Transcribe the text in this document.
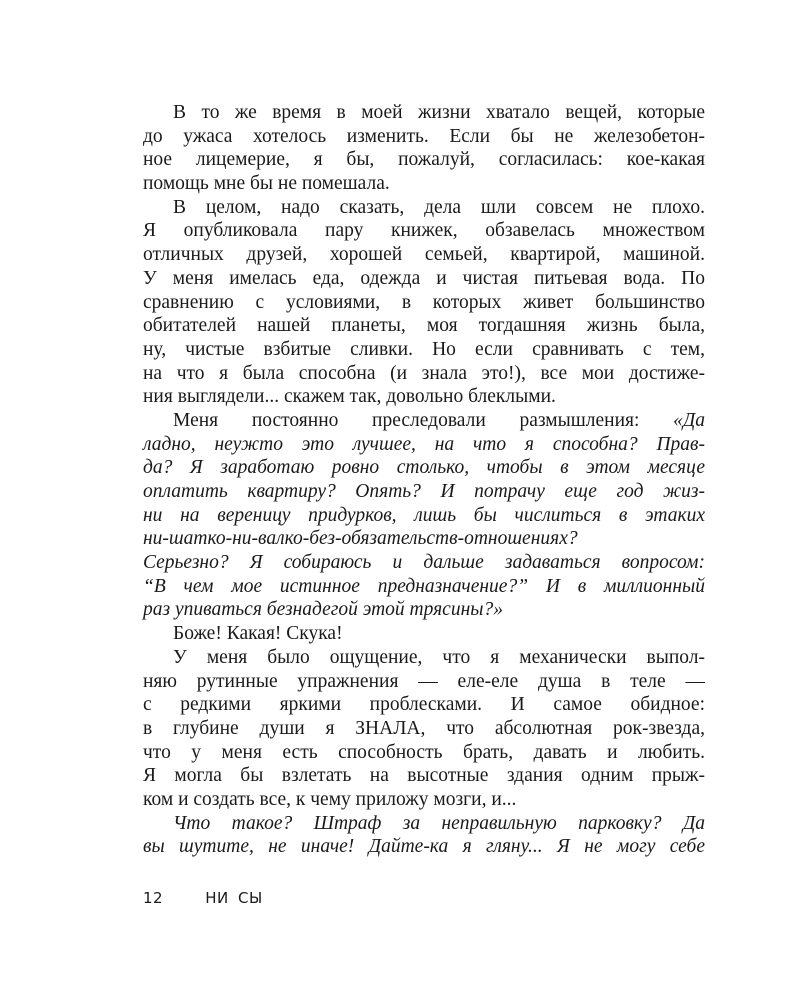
В то же время в моей жизни хватало вещей, которые
до ужаса хотелось изменить. Если бы не железобетон-
ное лицемерие, я бы, пожалуй, согласилась: кое-какая
помощь мне бы не помешала.
В целом, надо сказать, дела шли совсем не плохо.
Я опубликовала пару книжек, обзавелась множеством
отличных друзей, хорошей семьей, квартирой, машиной.
У меня имелась еда, одежда и чистая питьевая вода. По
сравнению с условиями, в которых живет большинство
обитателей нашей планеты, моя тогдашняя жизнь была,
ну, чистые взбитые сливки. Но если сравнивать с тем,
на что я была способна (и знала это!), все мои достиже-
ния выглядели... скажем так, довольно блеклыми.
Меня постоянно преследовали размышления: «Да
ладно, неужто это лучшее, на что я способна? Прав-
да? Я заработаю ровно столько, чтобы в этом месяце
оплатить квартиру? Опять? И потрачу еще год жиз-
ни на вереницу придурков, лишь бы числиться в этаких
ни-шатко-ни-валко-без-обязательств-отношениях?
Серьезно? Я собираюсь и дальше задаваться вопросом:
“В чем мое истинное предназначение?” И в миллионный
раз упиваться безнадегой этой трясины?»
Боже! Какая! Скука!
У меня было ощущение, что я механически выпол-
няю рутинные упражнения — еле-еле душа в теле —
с редкими яркими проблесками. И самое обидное:
в глубине души я ЗНАЛА, что абсолютная рок-звезда,
что у меня есть способность брать, давать и любить.
Я могла бы взлетать на высотные здания одним прыж-
ком и создать все, к чему приложу мозги, и...
Что такое? Штраф за неправильную парковку? Да
вы шутите, не иначе! Дайте-ка я гляну... Я не могу себе
12	НИ СЫ
